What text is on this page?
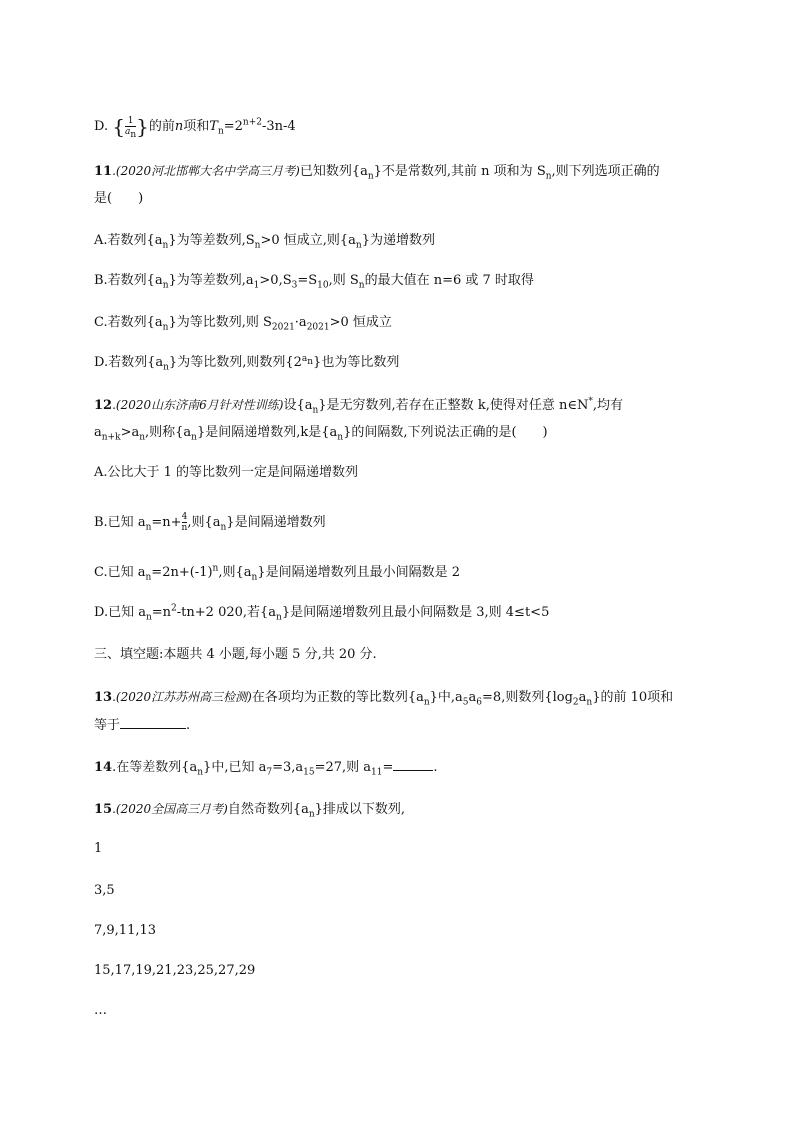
D. { $\frac{1}{a_n}$ }的前n项和$T_n=2^{n+2}-3n-4$
11.(2020河北邯郸大名中学高三月考)已知数列$\{a_n\}$不是常数列,其前 n 项和为 $S_n$,则下列选项正确的
是(　　)
A.若数列$\{a_n\}$为等差数列$,S_n>0$ 恒成立,则$\{a_n\}$为递增数列
B.若数列$\{a_n\}$为等差数列$,a_1>0,S_3=S_{10}$,则 $S_n$的最大值在 n=6 或 7 时取得
C.若数列$\{a_n\}$为等比数列,则 $S_{2021}\cdot a_{2021}>0$ 恒成立
D.若数列$\{a_n\}$为等比数列,则数列$\{2^{a_n}\}$也为等比数列
12.(2020山东济南6月针对性训练)设$\{a_n\}$是无穷数列,若存在正整数 k,使得对任意 n∈N*,均有
$a_{n+k}>a_n$,则称$\{a_n\}$是间隔递增数列,k是$\{a_n\}$的间隔数,下列说法正确的是(　　)
A.公比大于 1 的等比数列一定是间隔递增数列
B.已知 $a_n=n+ \frac{4}{n}$ ,则$\{a_n\}$是间隔递增数列
C.已知 $a_n=2n+(-1)^n$,则$\{a_n\}$是间隔递增数列且最小间隔数是 2
D.已知 $a_n=n^2-tn+2$ 020,若$\{a_n\}$是间隔递增数列且最小间隔数是 3,则 4≤t<5
三、填空题:本题共 4 小题,每小题 5 分,共 20 分.
13.(2020江苏苏州高三检测)在各项均为正数的等比数列$\{a_n\}$中$,a_5a_6=8$,则数列$\{\log_2a_n\}$的前 10项和
等于	.
14.在等差数列$\{a_n\}$中,已知 $a_7=3,a_{15}=27$,则 $a_{11}=$	.
15.(2020全国高三月考)自然奇数列$\{a_n\}$排成以下数列,
1
3,5
7,9,11,13
15,17,19,21,23,25,27,29
…
